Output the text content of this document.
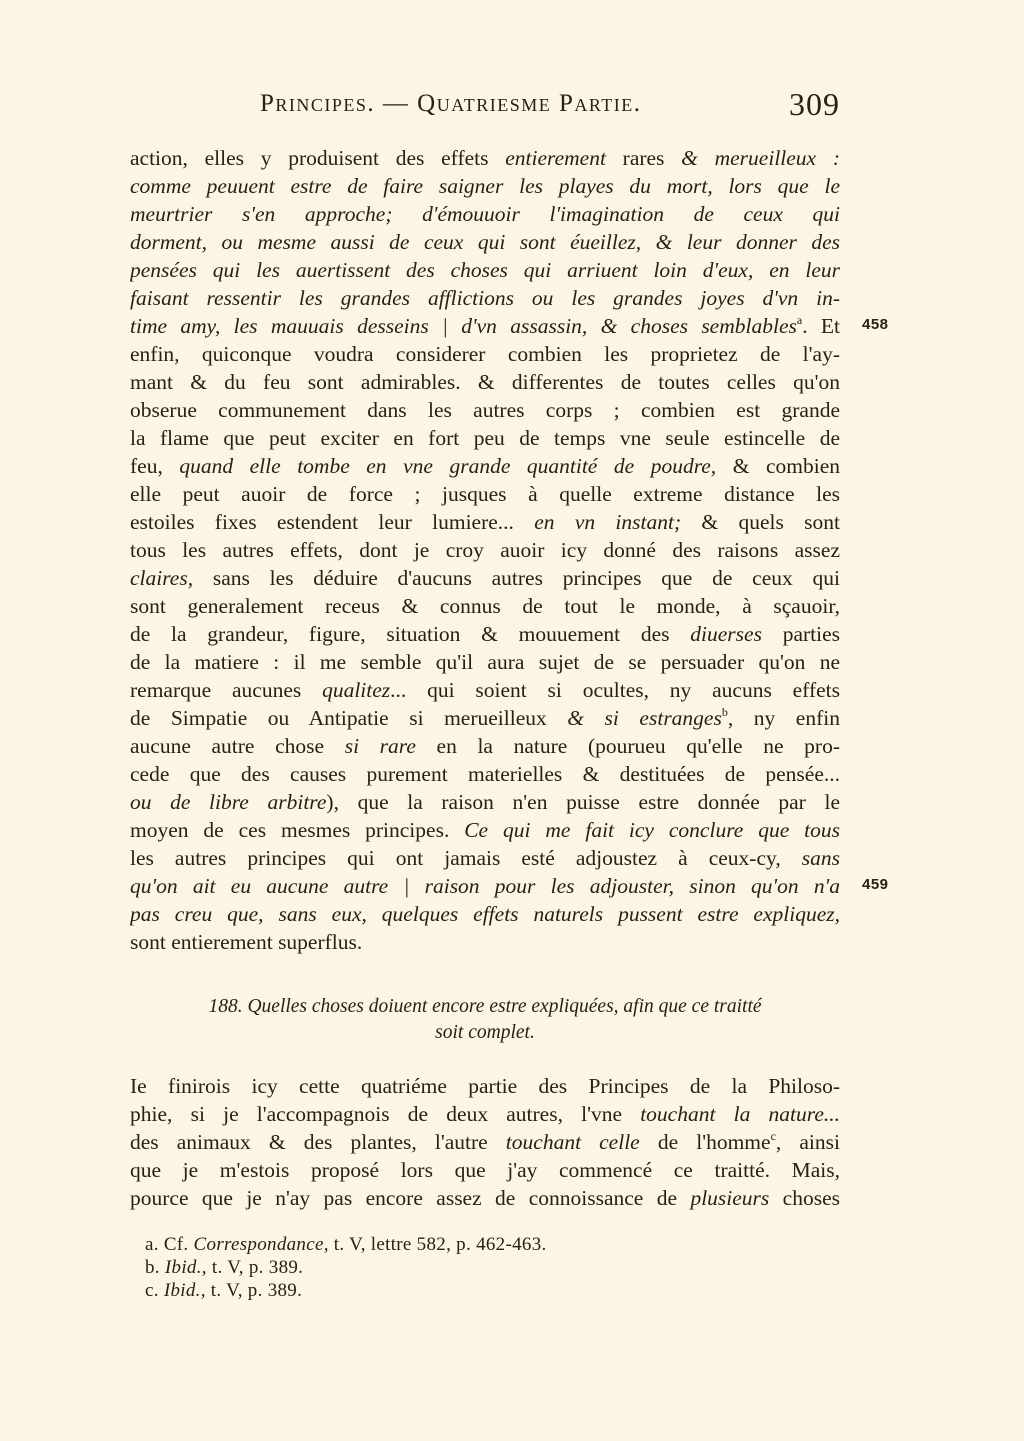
Principes. — Quatriesme Partie.	309
action, elles y produisent des effets entierement rares & merueilleux :
comme peuuent estre de faire saigner les playes du mort, lors que le
meurtrier s'en approche; d'émouuoir l'imagination de ceux qui
dorment, ou mesme aussi de ceux qui sont éueillez, & leur donner des
pensées qui les auertissent des choses qui arriuent loin d'eux, en leur
faisant ressentir les grandes afflictions ou les grandes joyes d'vn in-
time amy, les mauuais desseins | d'vn assassin, & choses semblables$^a$. Et 458
enfin, quiconque voudra considerer combien les proprietez de l'ay-
mant & du feu sont admirables. & differentes de toutes celles qu'on
obserue communement dans les autres corps ; combien est grande
la flame que peut exciter en fort peu de temps vne seule estincelle de
feu, quand elle tombe en vne grande quantité de poudre, & combien
elle peut auoir de force ; jusques à quelle extreme distance les
estoiles fixes estendent leur lumiere... en vn instant; & quels sont
tous les autres effets, dont je croy auoir icy donné des raisons assez
claires, sans les déduire d'aucuns autres principes que de ceux qui
sont generalement receus & connus de tout le monde, à sçauoir,
de la grandeur, figure, situation & mouuement des diuerses parties
de la matiere : il me semble qu'il aura sujet de se persuader qu'on ne
remarque aucunes qualitez... qui soient si ocultes, ny aucuns effets
de Simpatie ou Antipatie si merueilleux & si estranges$^b$, ny enfin
aucune autre chose si rare en la nature (pourueu qu'elle ne pro-
cede que des causes purement materielles & destituées de pensée...
ou de libre arbitre), que la raison n'en puisse estre donnée par le
moyen de ces mesmes principes. Ce qui me fait icy conclure que tous
les autres principes qui ont jamais esté adjoustez à ceux-cy, sans
qu'on ait eu aucune autre | raison pour les adjouster, sinon qu'on n'a 459
pas creu que, sans eux, quelques effets naturels pussent estre expliquez,
sont entierement superflus.
188. Quelles choses doiuent encore estre expliquées, afin que ce traitté
soit complet.
Ie finirois icy cette quatriéme partie des Principes de la Philoso-
phie, si je l'accompagnois de deux autres, l'vne touchant la nature...
des animaux & des plantes, l'autre touchant celle de l'homme$^c$, ainsi
que je m'estois proposé lors que j'ay commencé ce traitté. Mais,
pource que je n'ay pas encore assez de connoissance de plusieurs choses
a. Cf. Correspondance, t. V, lettre 582, p. 462-463.
b. Ibid., t. V, p. 389.
c. Ibid., t. V, p. 389.
